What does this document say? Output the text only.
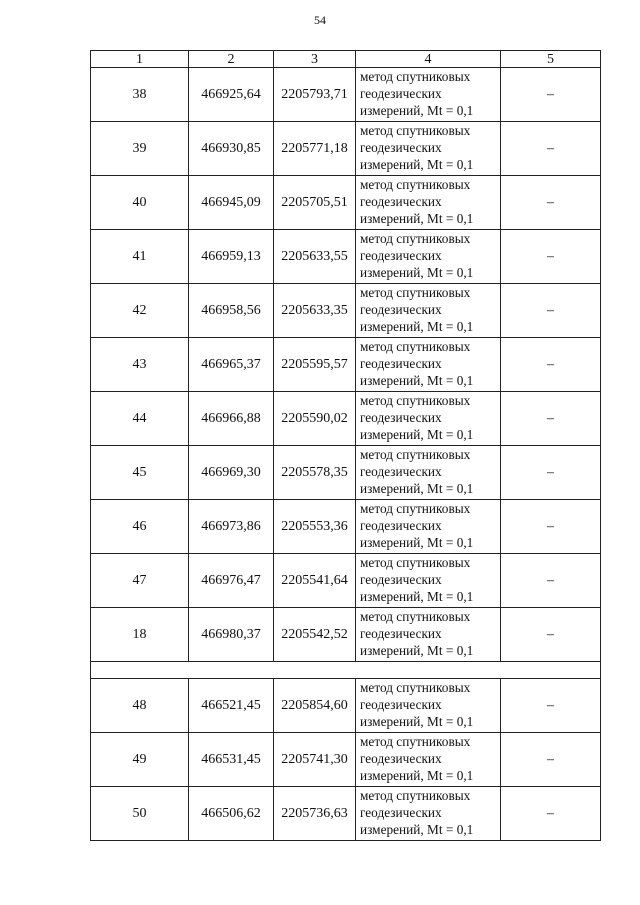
54
1	2	3	4	5
38	466925,64	2205793,71	метод спутниковых
геодезических
измерений, Mt = 0,1	–
39	466930,85	2205771,18	метод спутниковых
геодезических
измерений, Mt = 0,1	–
40	466945,09	2205705,51	метод спутниковых
геодезических
измерений, Mt = 0,1	–
41	466959,13	2205633,55	метод спутниковых
геодезических
измерений, Mt = 0,1	–
42	466958,56	2205633,35	метод спутниковых
геодезических
измерений, Mt = 0,1	–
43	466965,37	2205595,57	метод спутниковых
геодезических
измерений, Mt = 0,1	–
44	466966,88	2205590,02	метод спутниковых
геодезических
измерений, Mt = 0,1	–
45	466969,30	2205578,35	метод спутниковых
геодезических
измерений, Mt = 0,1	–
46	466973,86	2205553,36	метод спутниковых
геодезических
измерений, Mt = 0,1	–
47	466976,47	2205541,64	метод спутниковых
геодезических
измерений, Mt = 0,1	–
18	466980,37	2205542,52	метод спутниковых
геодезических
измерений, Mt = 0,1	–

48	466521,45	2205854,60	метод спутниковых
геодезических
измерений, Mt = 0,1	–
49	466531,45	2205741,30	метод спутниковых
геодезических
измерений, Mt = 0,1	–
50	466506,62	2205736,63	метод спутниковых
геодезических
измерений, Mt = 0,1	–
